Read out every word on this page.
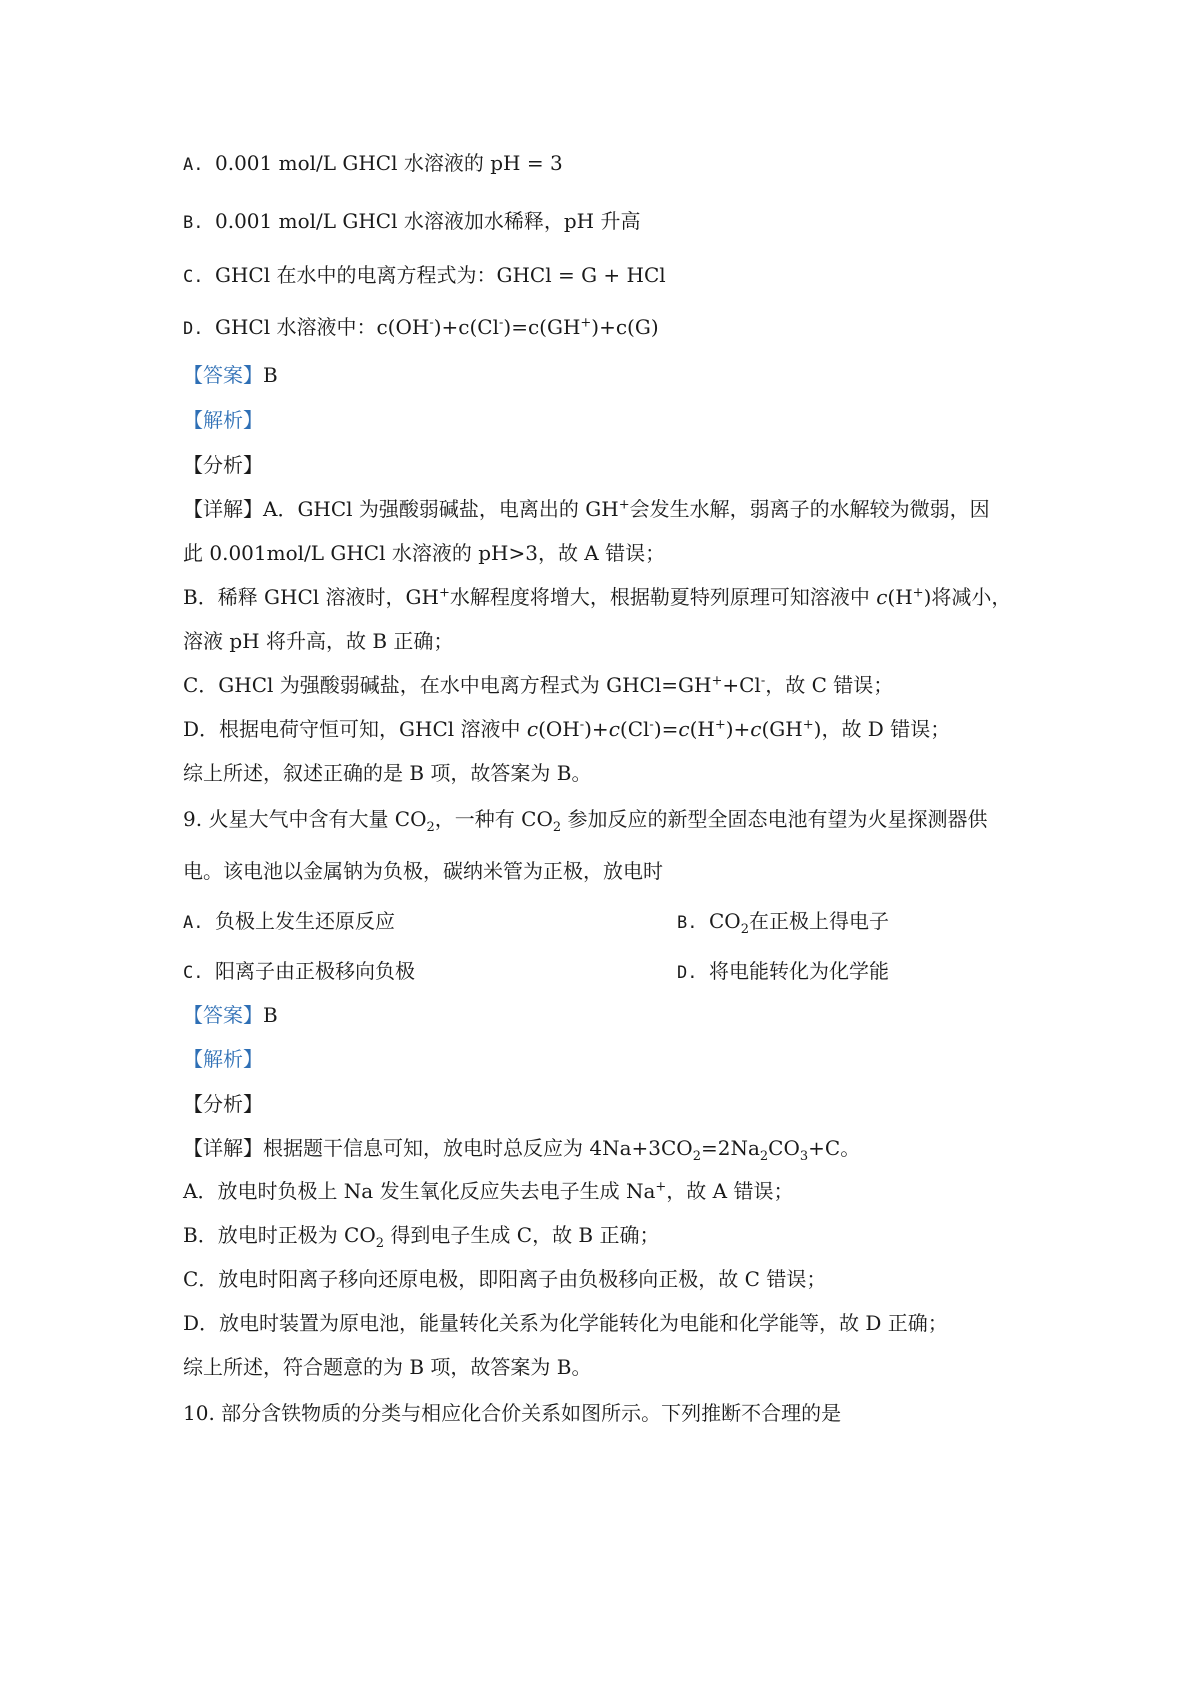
A. 0.001 mol/L GHCl 水溶液的 pH = 3
B. 0.001 mol/L GHCl 水溶液加水稀释，pH 升高
C. GHCl 在水中的电离方程式为：GHCl = G + HCl
D. GHCl 水溶液中：c(OH-)+c(Cl-)=c(GH+)+c(G)
【答案】B
【解析】
【分析】
【详解】A．GHCl 为强酸弱碱盐，电离出的 GH+会发生水解，弱离子的水解较为微弱，因
此 0.001mol/L GHCl 水溶液的 pH>3，故 A 错误；
B．稀释 GHCl 溶液时，GH+水解程度将增大，根据勒夏特列原理可知溶液中 c(H+)将减小，
溶液 pH 将升高，故 B 正确；
C．GHCl 为强酸弱碱盐，在水中电离方程式为 GHCl=GH++Cl-，故 C 错误；
D．根据电荷守恒可知，GHCl 溶液中 c(OH-)+c(Cl-)=c(H+)+c(GH+)，故 D 错误；
综上所述，叙述正确的是 B 项，故答案为 B。
9. 火星大气中含有大量 $CO_2$，一种有 $CO_2$ 参加反应的新型全固态电池有望为火星探测器供
电。该电池以金属钠为负极，碳纳米管为正极，放电时
A. 负极上发生还原反应	B. $CO_2$在正极上得电子
C. 阳离子由正极移向负极	D. 将电能转化为化学能
【答案】B
【解析】
【分析】
【详解】根据题干信息可知，放电时总反应为 $4Na+3CO_2=2Na_2CO_3+C$。
A．放电时负极上 Na 发生氧化反应失去电子生成 Na+，故 A 错误；
B．放电时正极为 $CO_2$ 得到电子生成 C，故 B 正确；
C．放电时阳离子移向还原电极，即阳离子由负极移向正极，故 C 错误；
D．放电时装置为原电池，能量转化关系为化学能转化为电能和化学能等，故 D 正确；
综上所述，符合题意的为 B 项，故答案为 B。
10. 部分含铁物质的分类与相应化合价关系如图所示。下列推断不合理的是
